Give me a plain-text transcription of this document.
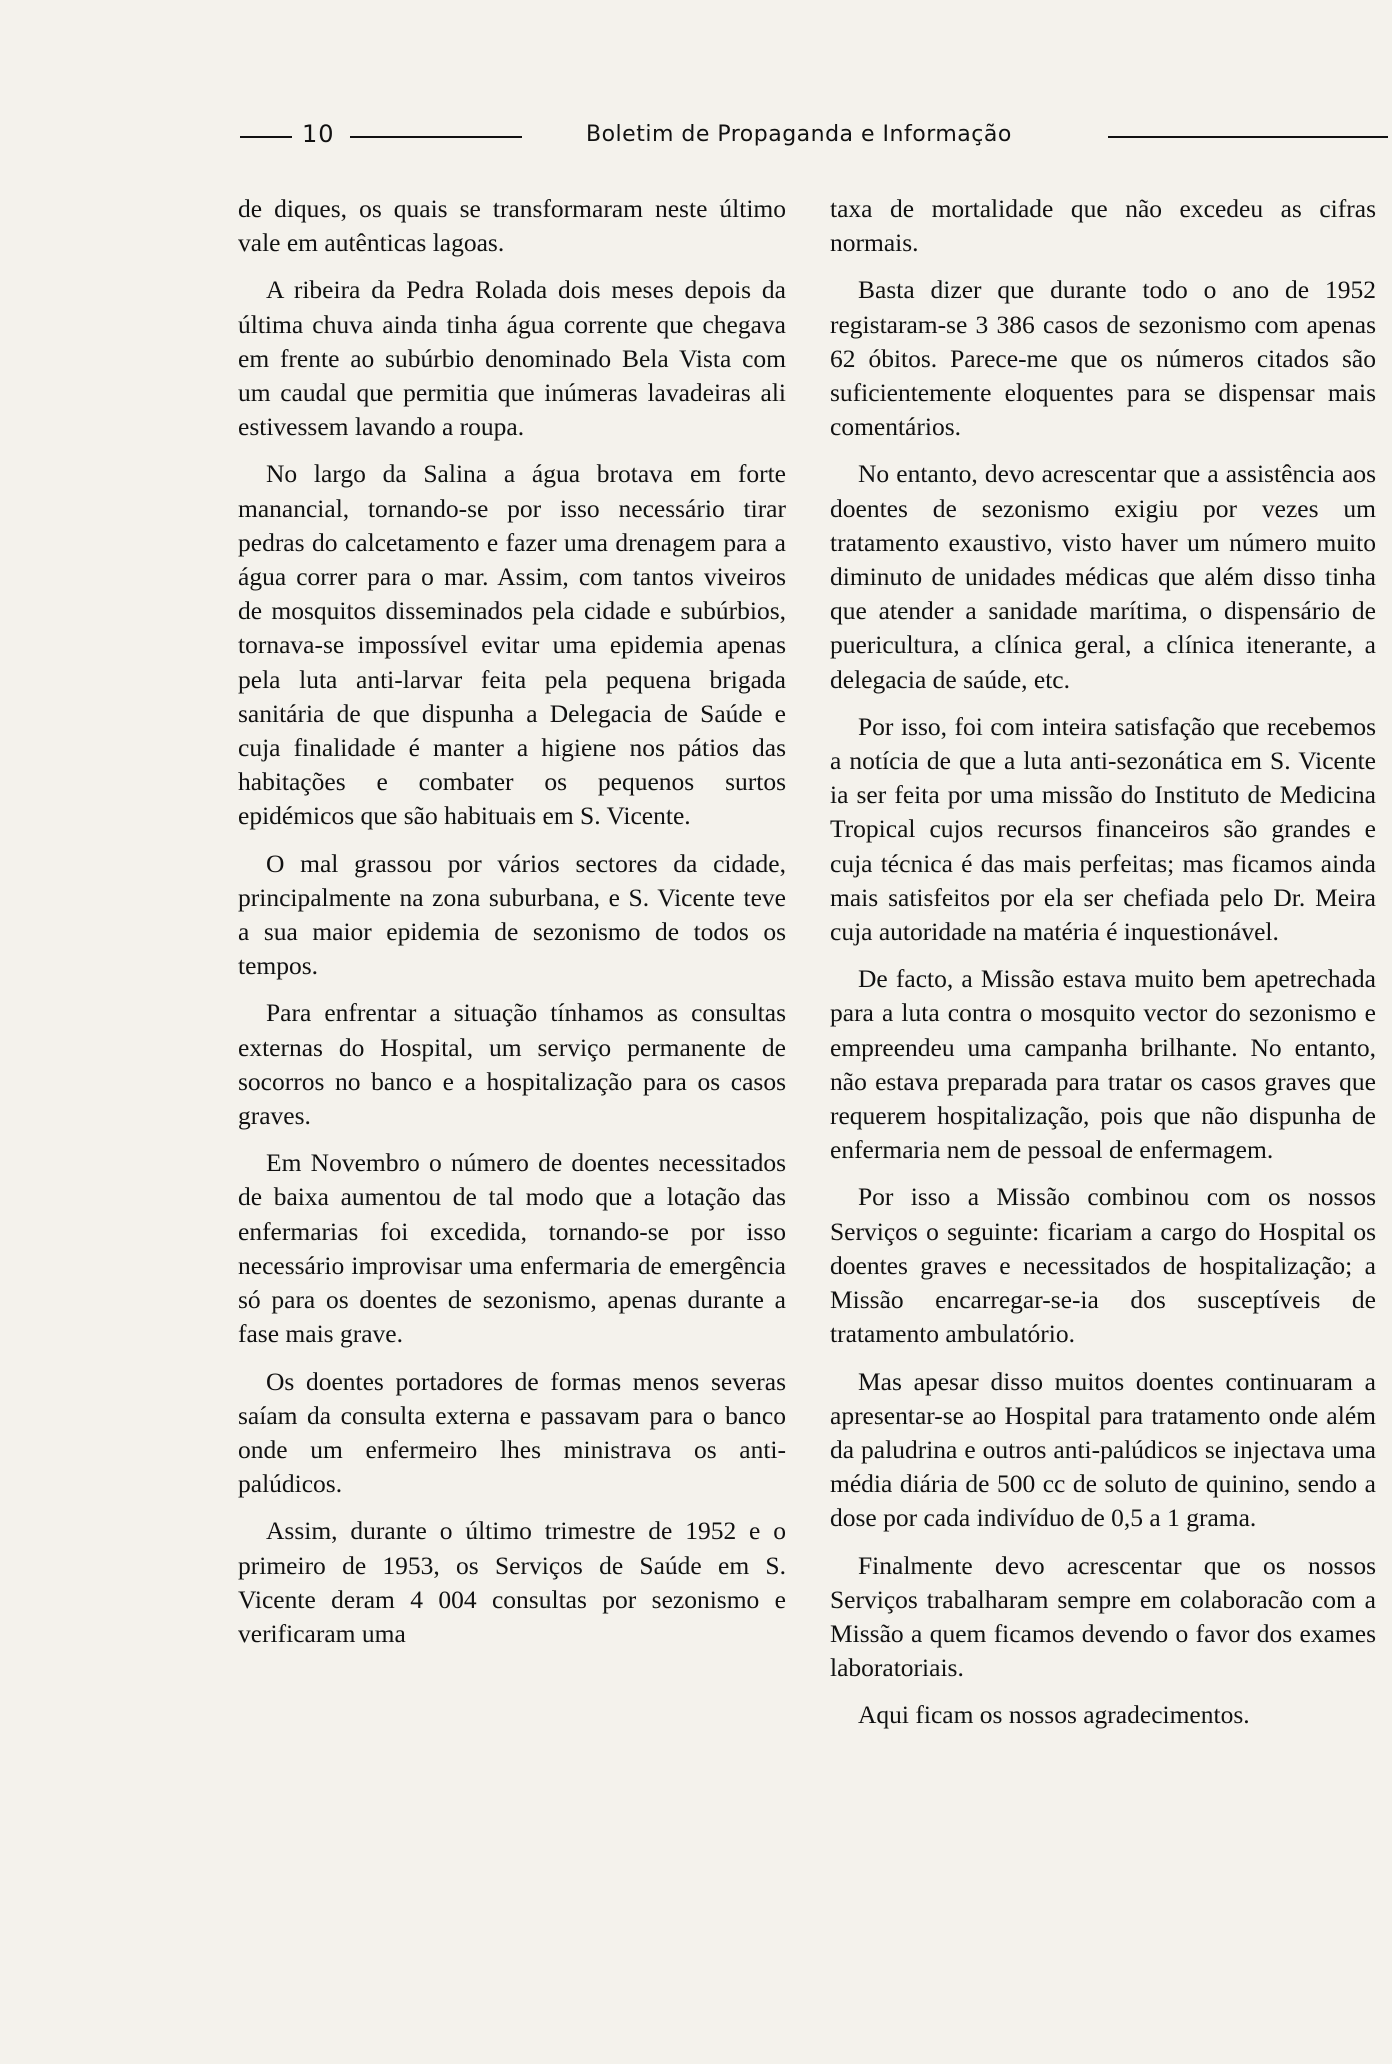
10	Boletim de Propaganda e Informação

de diques, os quais se transformaram neste último vale em autênticas lagoas.

A ribeira da Pedra Rolada dois meses depois da última chuva ainda tinha água corrente que chegava em frente ao subúrbio denominado Bela Vista com um caudal que permitia que inúmeras lavadeiras ali estivessem lavando a roupa.

No largo da Salina a água brotava em forte manancial, tornando-se por isso necessário tirar pedras do calcetamento e fazer uma drenagem para a água correr para o mar. Assim, com tantos viveiros de mosquitos disseminados pela cidade e subúrbios, tornava-se impossível evitar uma epidemia apenas pela luta anti-larvar feita pela pequena brigada sanitária de que dispunha a Delegacia de Saúde e cuja finalidade é manter a higiene nos pátios das habitações e combater os pequenos surtos epidémicos que são habituais em S. Vicente.

O mal grassou por vários sectores da cidade, principalmente na zona suburbana, e S. Vicente teve a sua maior epidemia de sezonismo de todos os tempos.

Para enfrentar a situação tínhamos as consultas externas do Hospital, um serviço permanente de socorros no banco e a hospitalização para os casos graves.

Em Novembro o número de doentes necessitados de baixa aumentou de tal modo que a lotação das enfermarias foi excedida, tornando-se por isso necessário improvisar uma enfermaria de emergência só para os doentes de sezonismo, apenas durante a fase mais grave.

Os doentes portadores de formas menos severas saíam da consulta externa e passavam para o banco onde um enfermeiro lhes ministrava os anti-palúdicos.

Assim, durante o último trimestre de 1952 e o primeiro de 1953, os Serviços de Saúde em S. Vicente deram 4 004 consultas por sezonismo e verificaram uma

taxa de mortalidade que não excedeu as cifras normais.

Basta dizer que durante todo o ano de 1952 registaram-se 3 386 casos de sezonismo com apenas 62 óbitos. Parece-me que os números citados são suficientemente eloquentes para se dispensar mais comentários.

No entanto, devo acrescentar que a assistência aos doentes de sezonismo exigiu por vezes um tratamento exaustivo, visto haver um número muito diminuto de unidades médicas que além disso tinha que atender a sanidade marítima, o dispensário de puericultura, a clínica geral, a clínica itenerante, a delegacia de saúde, etc.

Por isso, foi com inteira satisfação que recebemos a notícia de que a luta anti-sezonática em S. Vicente ia ser feita por uma missão do Instituto de Medicina Tropical cujos recursos financeiros são grandes e cuja técnica é das mais perfeitas; mas ficamos ainda mais satisfeitos por ela ser chefiada pelo Dr. Meira cuja autoridade na matéria é inquestionável.

De facto, a Missão estava muito bem apetrechada para a luta contra o mosquito vector do sezonismo e empreendeu uma campanha brilhante. No entanto, não estava preparada para tratar os casos graves que requerem hospitalização, pois que não dispunha de enfermaria nem de pessoal de enfermagem.

Por isso a Missão combinou com os nossos Serviços o seguinte: ficariam a cargo do Hospital os doentes graves e necessitados de hospitalização; a Missão encarregar-se-ia dos susceptíveis de tratamento ambulatório.

Mas apesar disso muitos doentes continuaram a apresentar-se ao Hospital para tratamento onde além da paludrina e outros anti-palúdicos se injectava uma média diária de 500 cc de soluto de quinino, sendo a dose por cada indivíduo de 0,5 a 1 grama.

Finalmente devo acrescentar que os nossos Serviços trabalharam sempre em colaboracão com a Missão a quem ficamos devendo o favor dos exames laboratoriais.

Aqui ficam os nossos agradecimentos.
